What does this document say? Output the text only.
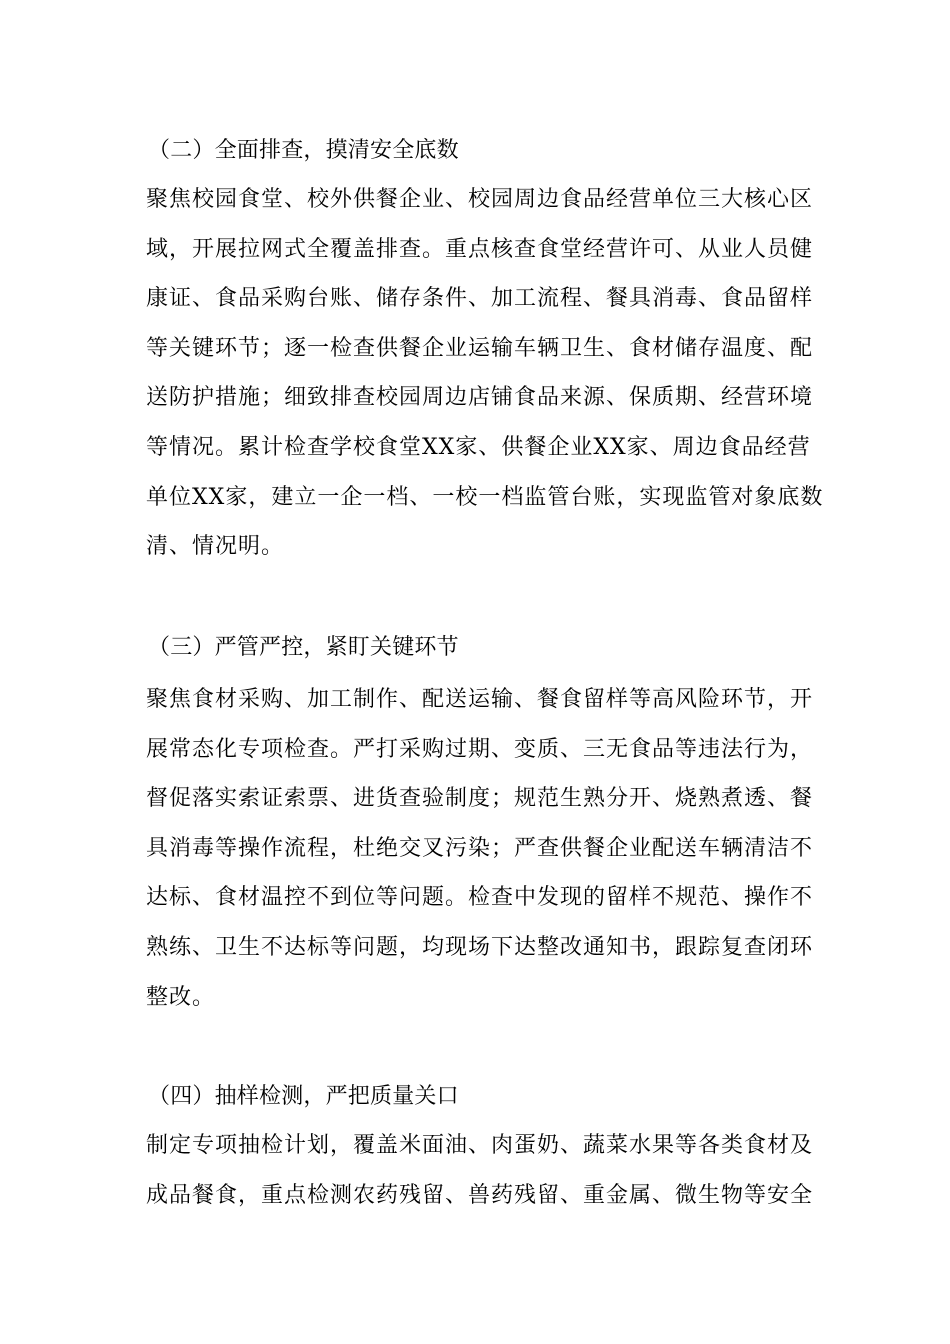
（二）全面排查，摸清安全底数
聚焦校园食堂、校外供餐企业、校园周边食品经营单位三大核心区
域，开展拉网式全覆盖排查。重点核查食堂经营许可、从业人员健
康证、食品采购台账、储存条件、加工流程、餐具消毒、食品留样
等关键环节；逐一检查供餐企业运输车辆卫生、食材储存温度、配
送防护措施；细致排查校园周边店铺食品来源、保质期、经营环境
等情况。累计检查学校食堂XX家、供餐企业XX家、周边食品经营
单位XX家，建立一企一档、一校一档监管台账，实现监管对象底数
清、情况明。
（三）严管严控，紧盯关键环节
聚焦食材采购、加工制作、配送运输、餐食留样等高风险环节，开
展常态化专项检查。严打采购过期、变质、三无食品等违法行为，
督促落实索证索票、进货查验制度；规范生熟分开、烧熟煮透、餐
具消毒等操作流程，杜绝交叉污染；严查供餐企业配送车辆清洁不
达标、食材温控不到位等问题。检查中发现的留样不规范、操作不
熟练、卫生不达标等问题，均现场下达整改通知书，跟踪复查闭环
整改。
（四）抽样检测，严把质量关口
制定专项抽检计划，覆盖米面油、肉蛋奶、蔬菜水果等各类食材及
成品餐食，重点检测农药残留、兽药残留、重金属、微生物等安全
